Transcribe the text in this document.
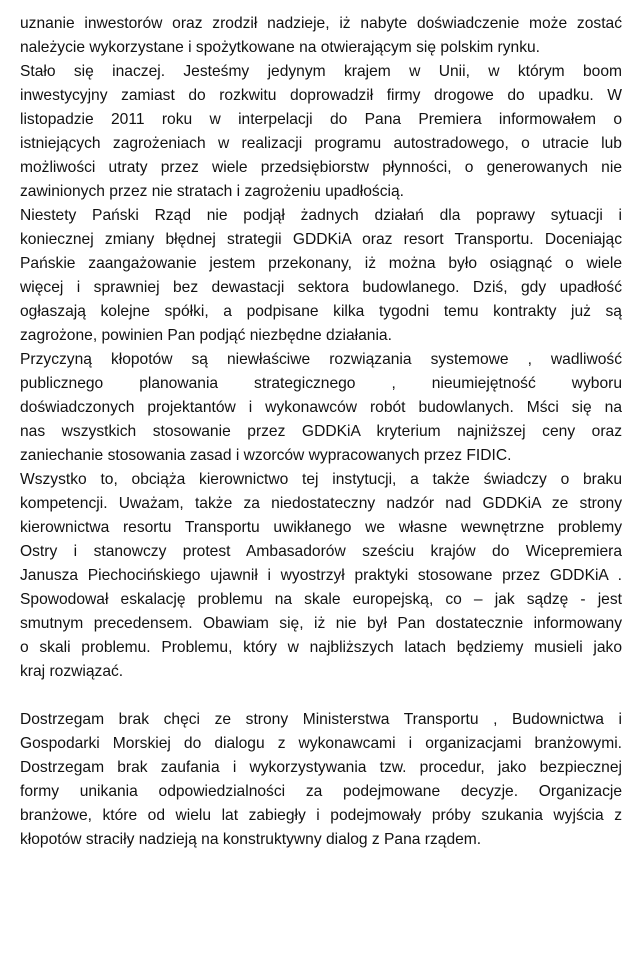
uznanie inwestorów oraz zrodził nadzieje, iż nabyte doświadczenie może zostać
należycie wykorzystane i spożytkowane na otwierającym się polskim rynku.
Stało się inaczej. Jesteśmy jedynym krajem w Unii, w którym boom
inwestycyjny zamiast do rozkwitu doprowadził firmy drogowe do upadku. W
listopadzie 2011 roku w interpelacji do Pana Premiera informowałem o
istniejących zagrożeniach w realizacji programu autostradowego, o utracie lub
możliwości utraty przez wiele przedsiębiorstw płynności, o generowanych nie
zawinionych przez nie stratach i zagrożeniu upadłością.
Niestety Pański Rząd nie podjął żadnych działań dla poprawy sytuacji i
koniecznej zmiany błędnej strategii GDDKiA oraz resort Transportu. Doceniając
Pańskie zaangażowanie jestem przekonany, iż można było osiągnąć o wiele
więcej i sprawniej bez dewastacji sektora budowlanego. Dziś, gdy upadłość
ogłaszają kolejne spółki, a podpisane kilka tygodni temu kontrakty już są
zagrożone, powinien Pan podjąć niezbędne działania.
Przyczyną kłopotów są niewłaściwe rozwiązania systemowe , wadliwość
publicznego planowania strategicznego , nieumiejętność wyboru
doświadczonych projektantów i wykonawców robót budowlanych. Mści się na
nas wszystkich stosowanie przez GDDKiA kryterium najniższej ceny oraz
zaniechanie stosowania zasad i wzorców wypracowanych przez FIDIC.
Wszystko to, obciąża kierownictwo tej instytucji, a także świadczy o braku
kompetencji. Uważam, także za niedostateczny nadzór nad GDDKiA ze strony
kierownictwa resortu Transportu uwikłanego we własne wewnętrzne problemy
Ostry i stanowczy protest Ambasadorów sześciu krajów do Wicepremiera
Janusza Piechocińskiego ujawnił i wyostrzył praktyki stosowane przez GDDKiA .
Spowodował eskalację problemu na skale europejską, co – jak sądzę - jest
smutnym precedensem. Obawiam się, iż nie był Pan dostatecznie informowany
o skali problemu. Problemu, który w najbliższych latach będziemy musieli jako
kraj rozwiązać.
Dostrzegam brak chęci ze strony Ministerstwa Transportu , Budownictwa i
Gospodarki Morskiej do dialogu z wykonawcami i organizacjami branżowymi.
Dostrzegam brak zaufania i wykorzystywania tzw. procedur, jako bezpiecznej
formy unikania odpowiedzialności za podejmowane decyzje. Organizacje
branżowe, które od wielu lat zabiegły i podejmowały próby szukania wyjścia z
kłopotów straciły nadzieją na konstruktywny dialog z Pana rządem.
